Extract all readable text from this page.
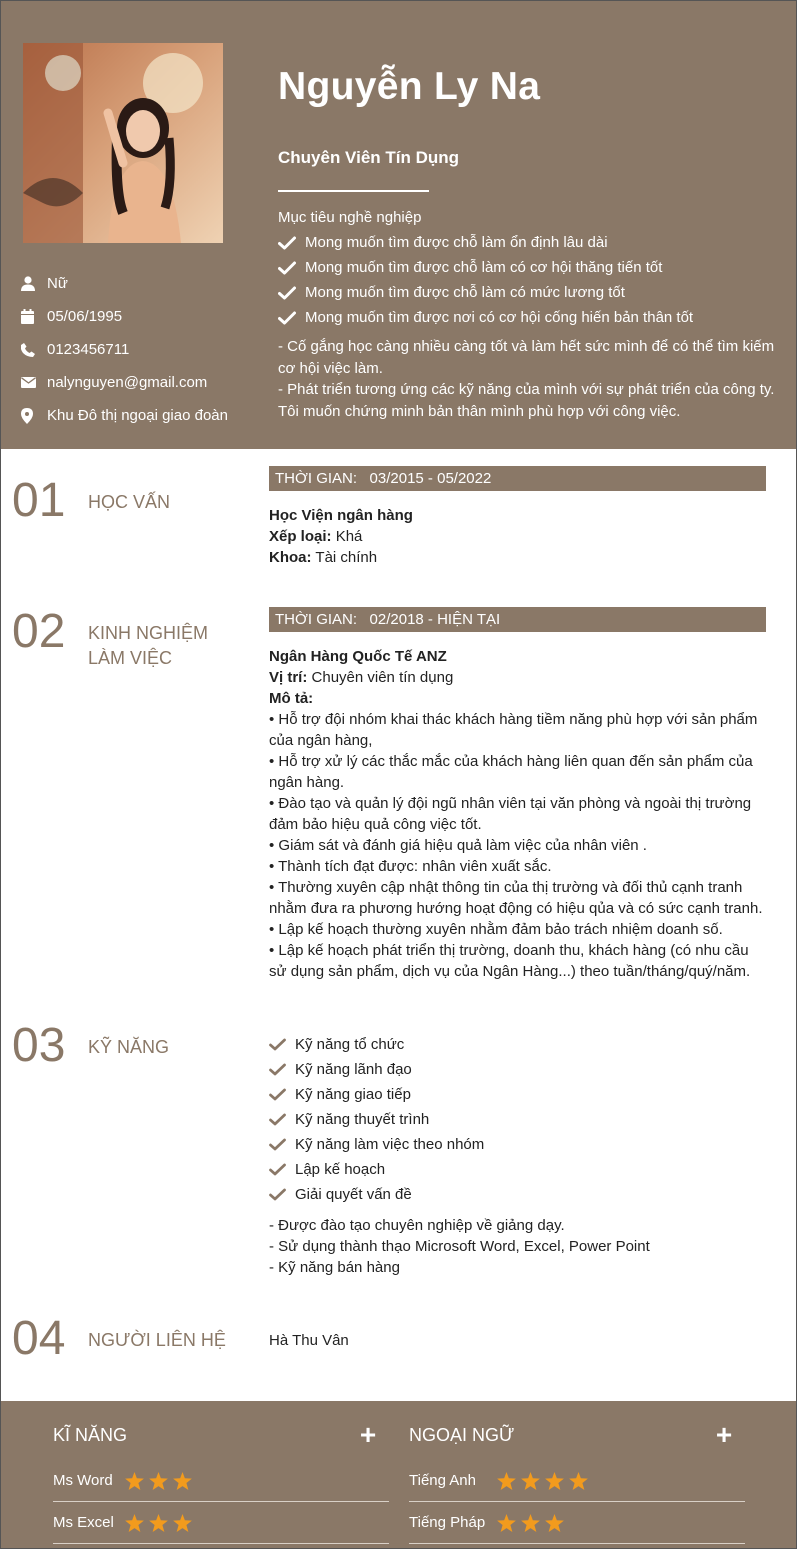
Nữ
05/06/1995
0123456711
nalynguyen@gmail.com
Khu Đô thị ngoại giao đoàn
Nguyễn Ly Na
Chuyên Viên Tín Dụng
Mục tiêu nghề nghiệp
Mong muốn tìm được chỗ làm ổn định lâu dài
Mong muốn tìm được chỗ làm có cơ hội thăng tiến tốt
Mong muốn tìm được chỗ làm có mức lương tốt
Mong muốn tìm được nơi có cơ hội cống hiến bản thân tốt
- Cố gắng học càng nhiều càng tốt và làm hết sức mình để có thể tìm kiếm cơ hội việc làm.
- Phát triển tương ứng các kỹ năng của mình với sự phát triển của công ty. Tôi muốn chứng minh bản thân mình phù hợp với công việc.
01 HỌC VẤN
THỜI GIAN: 03/2015 - 05/2022
Học Viện ngân hàng
Xếp loại: Khá
Khoa: Tài chính
02 KINH NGHIỆM
LÀM VIỆC
THỜI GIAN: 02/2018 - HIỆN TẠI
Ngân Hàng Quốc Tế ANZ
Vị trí: Chuyên viên tín dụng
Mô tả:
• Hỗ trợ đội nhóm khai thác khách hàng tiềm năng phù hợp với sản phẩm của ngân hàng,
• Hỗ trợ xử lý các thắc mắc của khách hàng liên quan đến sản phẩm của ngân hàng.
• Đào tạo và quản lý đội ngũ nhân viên tại văn phòng và ngoài thị trường đảm bảo hiệu quả công việc tốt.
• Giám sát và đánh giá hiệu quả làm việc của nhân viên .
• Thành tích đạt được: nhân viên xuất sắc.
• Thường xuyên cập nhật thông tin của thị trường và đối thủ cạnh tranh nhằm đưa ra phương hướng hoạt động có hiệu qủa và có sức cạnh tranh.
• Lập kế hoạch thường xuyên nhằm đảm bảo trách nhiệm doanh số.
• Lập kế hoạch phát triển thị trường, doanh thu, khách hàng (có nhu cầu sử dụng sản phẩm, dịch vụ của Ngân Hàng...) theo tuần/tháng/quý/năm.
03 KỸ NĂNG	Kỹ năng tổ chức
Kỹ năng lãnh đạo
Kỹ năng giao tiếp
Kỹ năng thuyết trình
Kỹ năng làm việc theo nhóm
Lập kế hoạch
Giải quyết vấn đề
- Được đào tạo chuyên nghiệp về giảng dạy.
- Sử dụng thành thạo Microsoft Word, Excel, Power Point
- Kỹ năng bán hàng
04 NGƯỜI LIÊN HỆ	Hà Thu Vân
KĨ NĂNG	+
Ms Word
Ms Excel
NGOẠI NGỮ	+
Tiếng Anh
Tiếng Pháp
